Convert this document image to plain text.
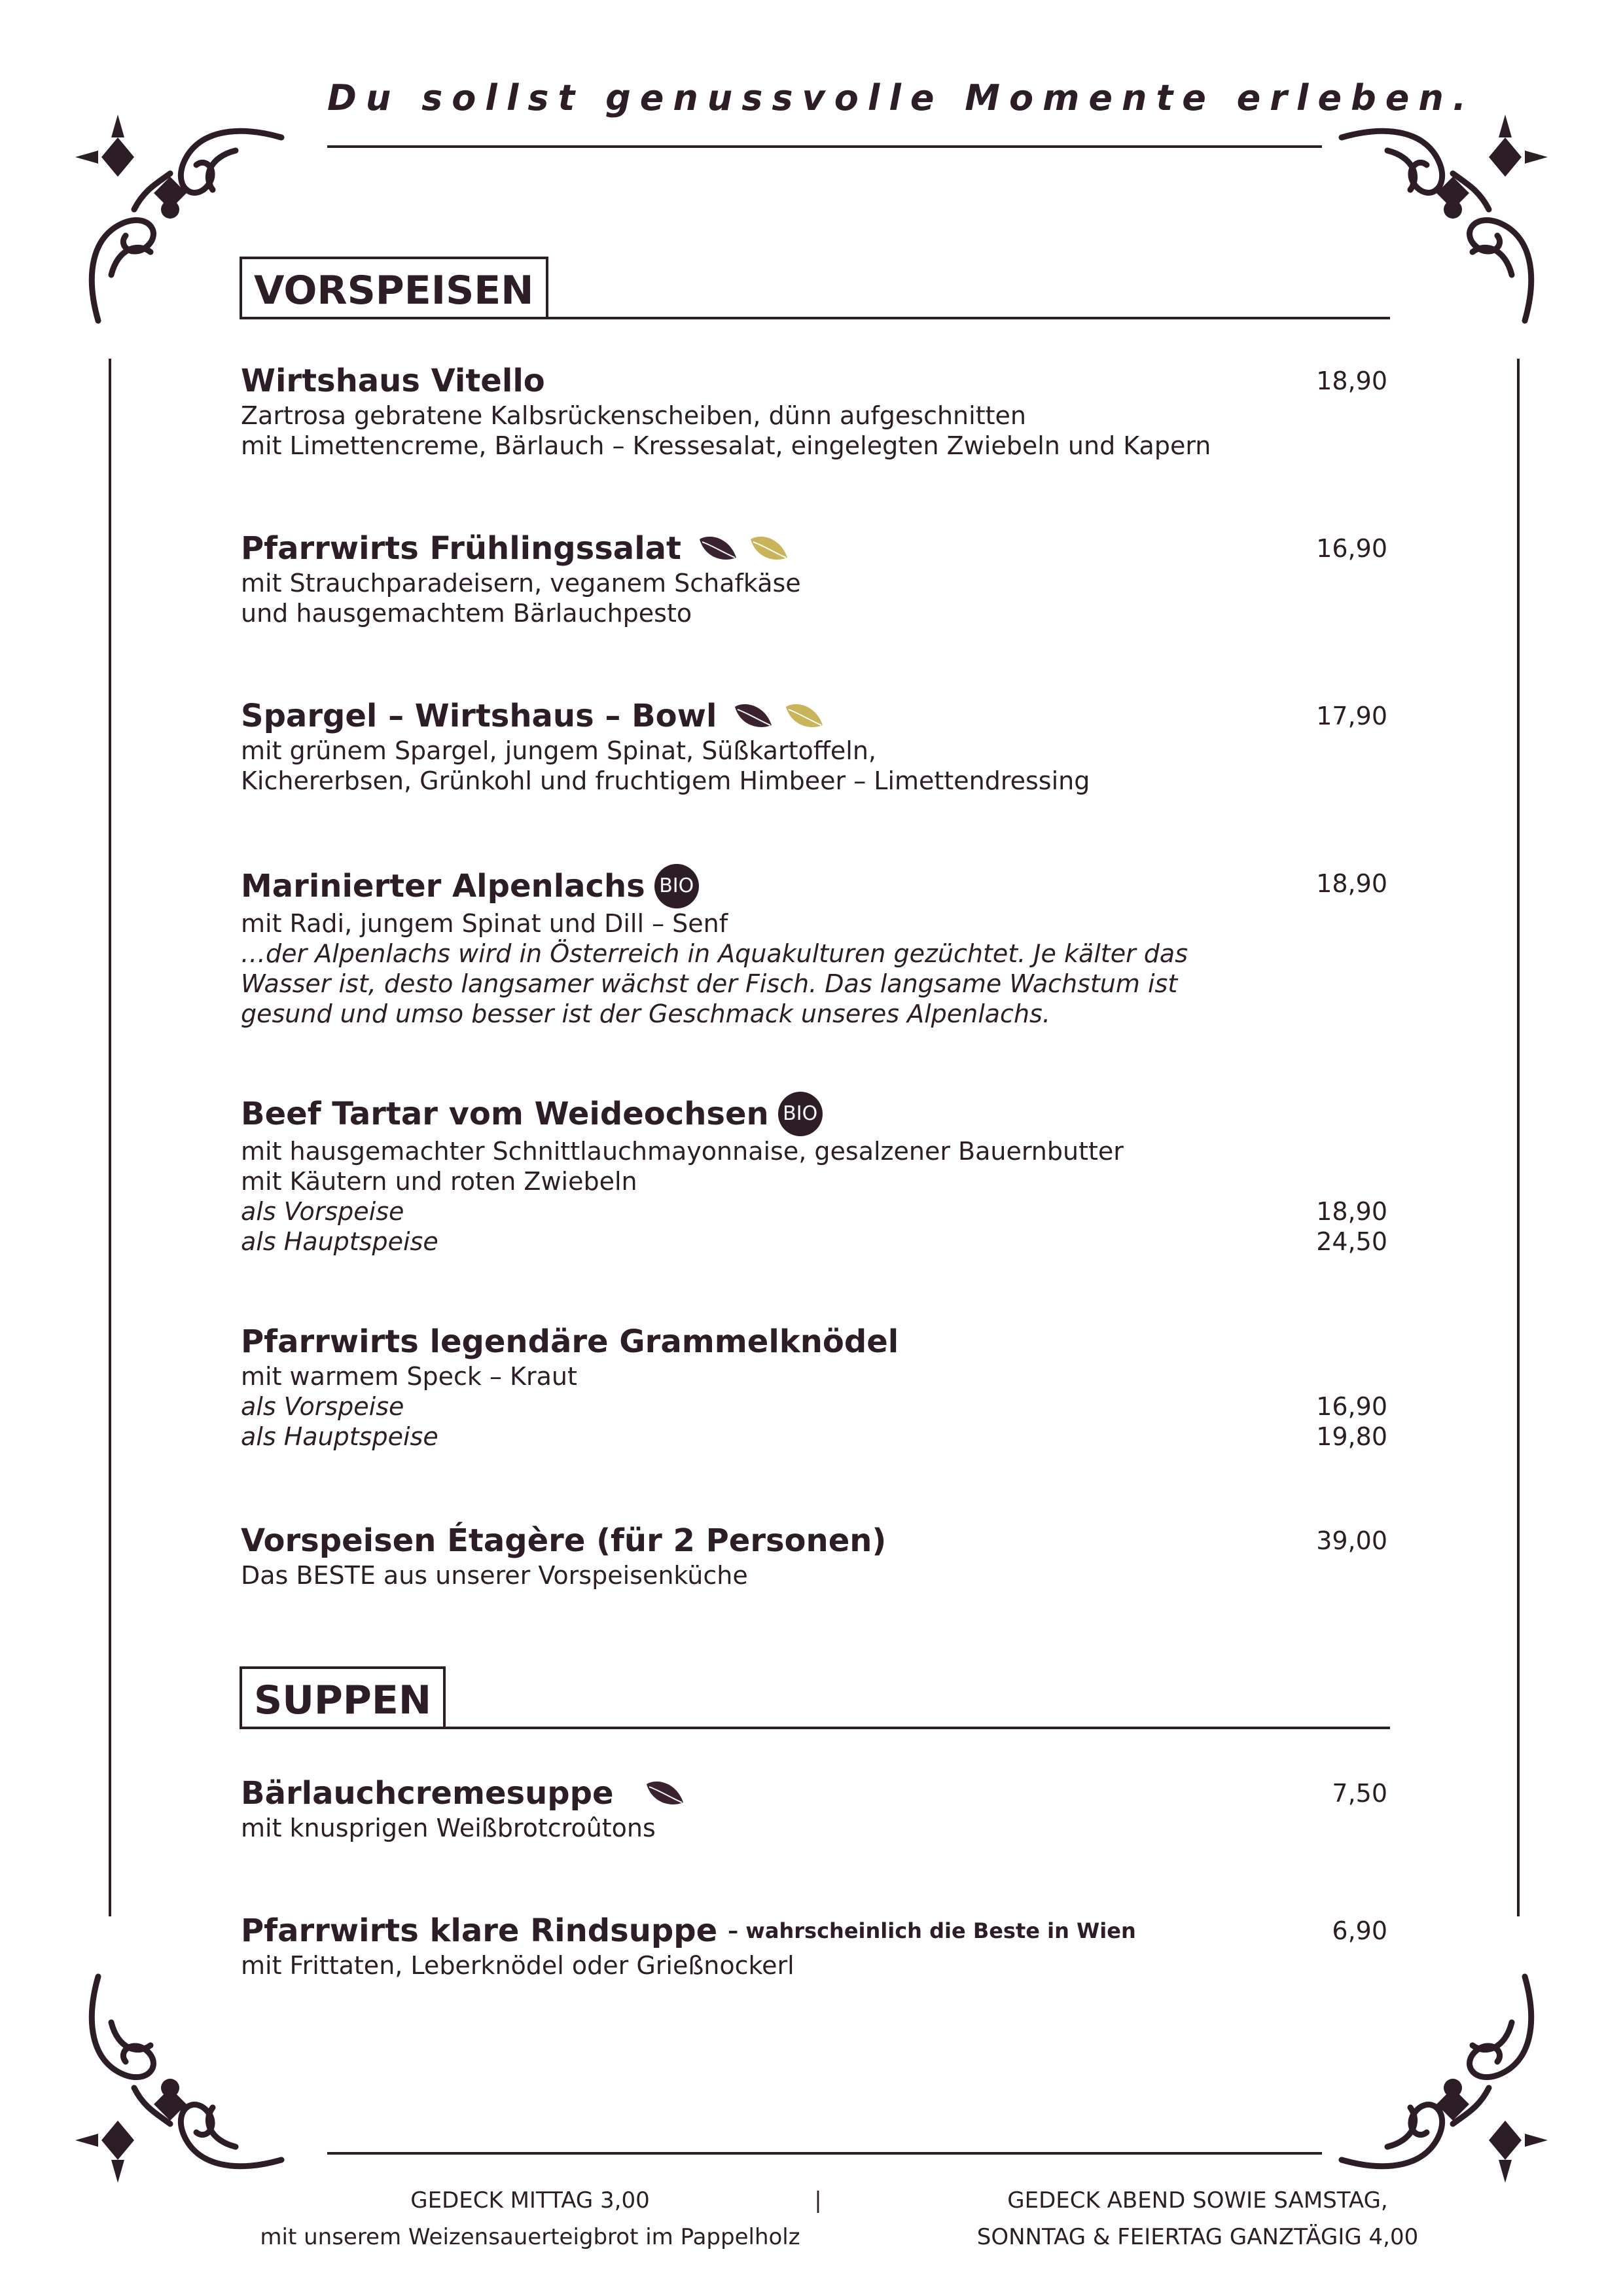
Du sollst genussvolle Momente erleben.
VORSPEISEN
Wirtshaus Vitello	18,90
Zartrosa gebratene Kalbsrückenscheiben, dünn aufgeschnitten
mit Limettencreme, Bärlauch – Kressesalat, eingelegten Zwiebeln und Kapern
Pfarrwirts Frühlingssalat	16,90
mit Strauchparadeisern, veganem Schafkäse
und hausgemachtem Bärlauchpesto
Spargel – Wirtshaus – Bowl	17,90
mit grünem Spargel, jungem Spinat, Süßkartoffeln,
Kichererbsen, Grünkohl und fruchtigem Himbeer – Limettendressing
Marinierter Alpenlachs BIO	18,90
mit Radi, jungem Spinat und Dill – Senf
…der Alpenlachs wird in Österreich in Aquakulturen gezüchtet. Je kälter das
Wasser ist, desto langsamer wächst der Fisch. Das langsame Wachstum ist
gesund und umso besser ist der Geschmack unseres Alpenlachs.
Beef Tartar vom Weideochsen BIO
mit hausgemachter Schnittlauchmayonnaise, gesalzener Bauernbutter
mit Käutern und roten Zwiebeln
als Vorspeise	18,90
als Hauptspeise	24,50
Pfarrwirts legendäre Grammelknödel
mit warmem Speck – Kraut
als Vorspeise	16,90
als Hauptspeise	19,80
Vorspeisen Étagère (für 2 Personen)	39,00
Das BESTE aus unserer Vorspeisenküche
SUPPEN
Bärlauchcremesuppe	7,50
mit knusprigen Weißbrotcroûtons
Pfarrwirts klare Rindsuppe – wahrscheinlich die Beste in Wien	6,90
mit Frittaten, Leberknödel oder Grießnockerl
GEDECK MITTAG 3,00
mit unserem Weizensauerteigbrot im Pappelholz
|	GEDECK ABEND SOWIE SAMSTAG,
SONNTAG & FEIERTAG GANZTÄGIG 4,00
